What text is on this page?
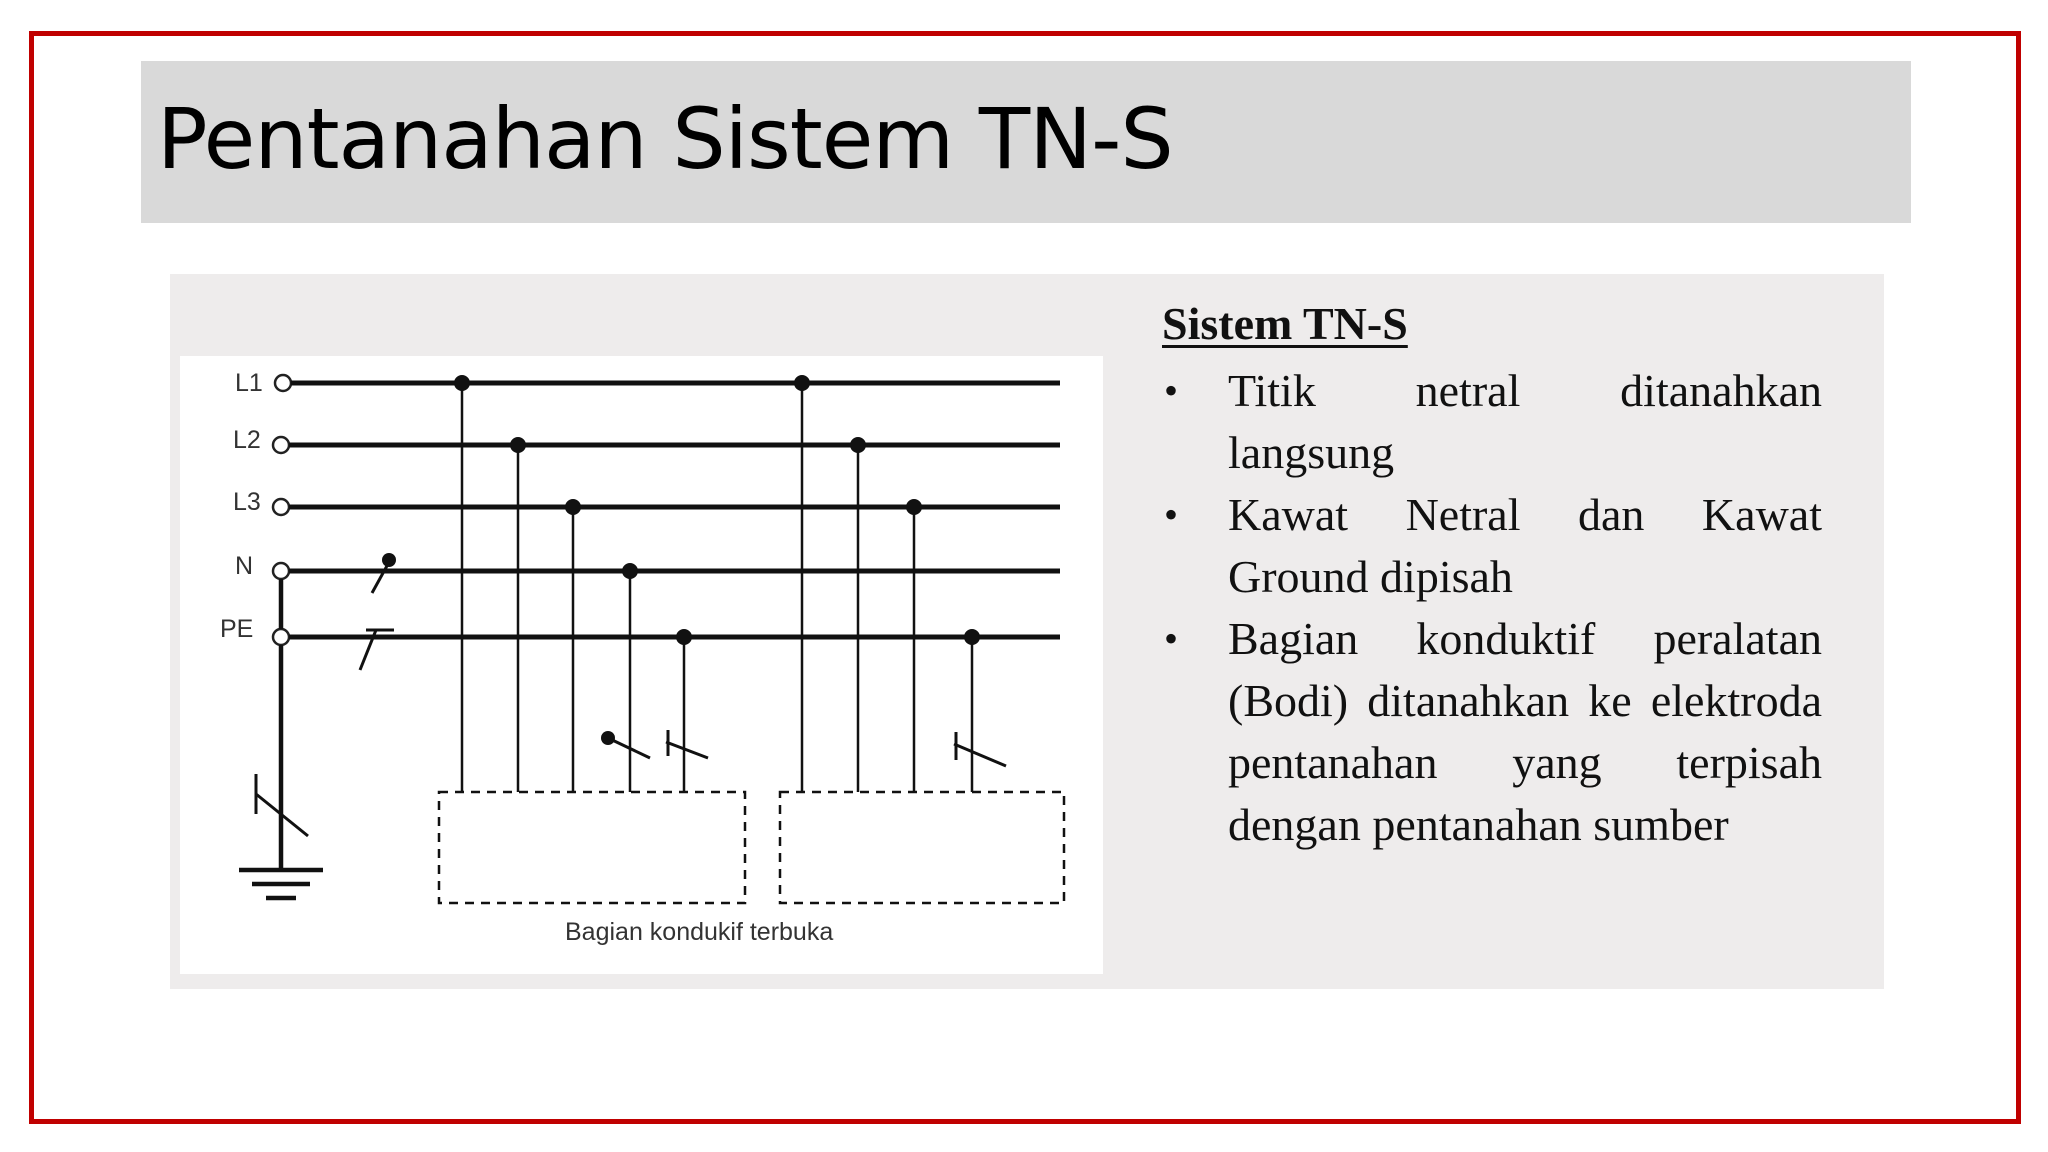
Pentanahan Sistem TN-S
L1
L2
L3
N
PE
Bagian kondukif terbuka
Sistem TN-S
• Titik netral ditanahkan langsung
• Kawat Netral dan Kawat Ground dipisah
• Bagian konduktif peralatan (Bodi) ditanahkan ke elektroda pentanahan yang terpisah dengan pentanahan sumber
